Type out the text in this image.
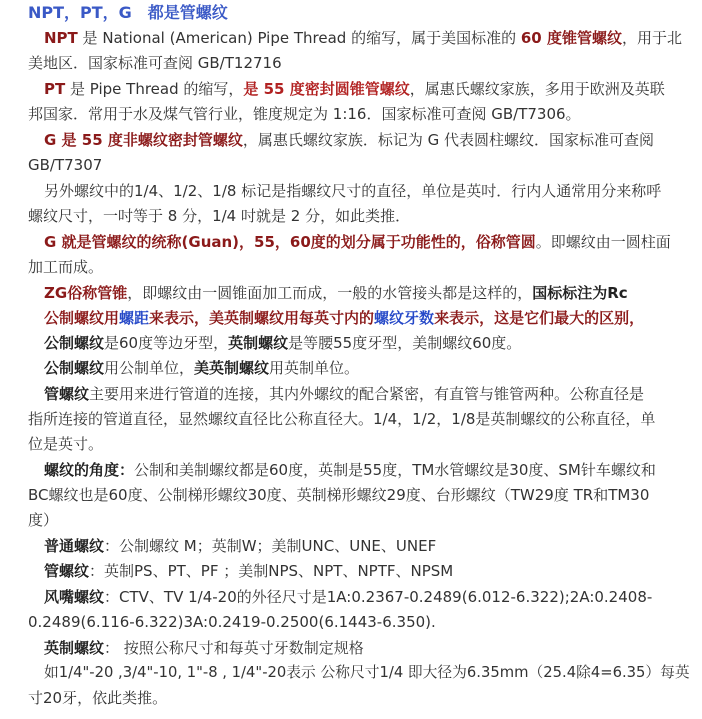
NPT，PT，G　都是管螺纹
NPT 是 National (American) Pipe Thread 的缩写，属于美国标准的 60 度锥管螺纹，用于北
美地区．国家标准可查阅 GB/T12716
PT 是 Pipe Thread 的缩写，是 55 度密封圆锥管螺纹，属惠氏螺纹家族，多用于欧洲及英联
邦国家．常用于水及煤气管行业，锥度规定为 1:16．国家标准可查阅 GB/T7306。
G 是 55 度非螺纹密封管螺纹，属惠氏螺纹家族．标记为 G 代表圆柱螺纹．国家标准可查阅
GB/T7307
另外螺纹中的1/4、1/2、1/8 标记是指螺纹尺寸的直径，单位是英吋．行内人通常用分来称呼
螺纹尺寸，一吋等于 8 分，1/4 吋就是 2 分，如此类推．
G 就是管螺纹的统称(Guan)，55，60度的划分属于功能性的，俗称管圆。即螺纹由一圆柱面
加工而成。
ZG俗称管锥，即螺纹由一圆锥面加工而成，一般的水管接头都是这样的，国标标注为Rc
公制螺纹用螺距来表示，美英制螺纹用每英寸内的螺纹牙数来表示，这是它们最大的区别，
公制螺纹是60度等边牙型，英制螺纹是等腰55度牙型，美制螺纹60度。
公制螺纹用公制单位，美英制螺纹用英制单位。
管螺纹主要用来进行管道的连接，其内外螺纹的配合紧密，有直管与锥管两种。公称直径是
指所连接的管道直径，显然螺纹直径比公称直径大。1/4，1/2，1/8是英制螺纹的公称直径，单
位是英寸。
螺纹的角度：公制和美制螺纹都是60度，英制是55度，TM水管螺纹是30度、SM针车螺纹和
BC螺纹也是60度、公制梯形螺纹30度、英制梯形螺纹29度、台形螺纹（TW29度 TR和TM30
度）
普通螺纹：公制螺纹 M；英制W；美制UNC、UNE、UNEF
管螺纹：英制PS、PT、PF ；美制NPS、NPT、NPTF、NPSM
风嘴螺纹：CTV、TV 1/4-20的外径尺寸是1A:0.2367-0.2489(6.012-6.322);2A:0.2408-
0.2489(6.116-6.322)3A:0.2419-0.2500(6.1443-6.350).
英制螺纹： 按照公称尺寸和每英寸牙数制定规格
如1/4"-20 ,3/4"-10, 1"-8 , 1/4"-20表示 公称尺寸1/4 即大径为6.35mm（25.4除4=6.35）每英
寸20牙，依此类推。
